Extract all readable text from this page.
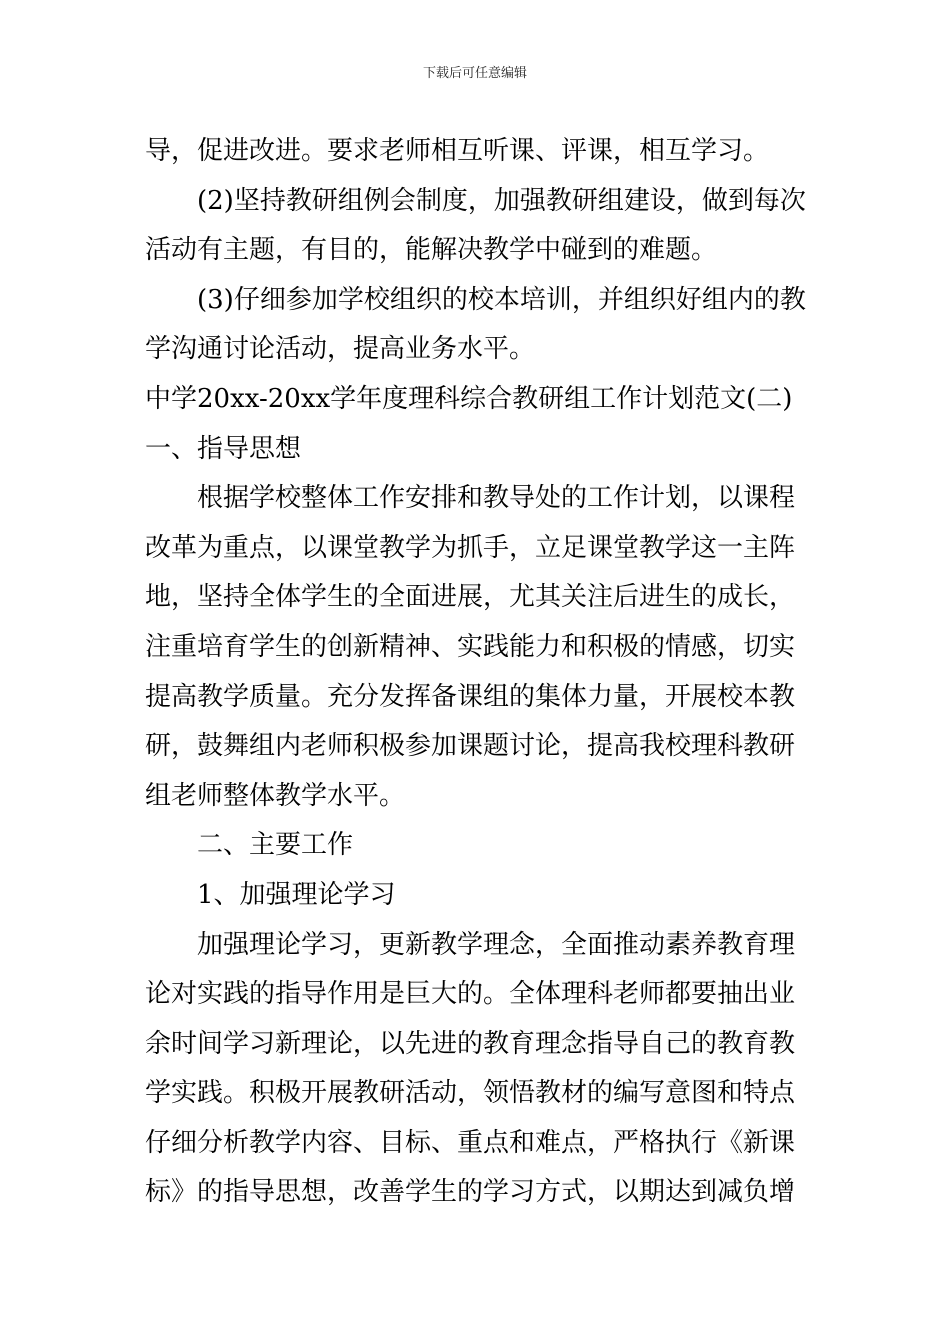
下载后可任意编辑
导，促进改进。要求老师相互听课、评课，相互学习。
(2)坚持教研组例会制度，加强教研组建设，做到每次
活动有主题，有目的，能解决教学中碰到的难题。
(3)仔细参加学校组织的校本培训，并组织好组内的教
学沟通讨论活动，提高业务水平。
中学20xx-20xx学年度理科综合教研组工作计划范文(二)
一、指导思想
根据学校整体工作安排和教导处的工作计划，以课程
改革为重点，以课堂教学为抓手，立足课堂教学这一主阵
地，坚持全体学生的全面进展，尤其关注后进生的成长，
注重培育学生的创新精神、实践能力和积极的情感，切实
提高教学质量。充分发挥备课组的集体力量，开展校本教
研，鼓舞组内老师积极参加课题讨论，提高我校理科教研
组老师整体教学水平。
二、主要工作
1、加强理论学习
加强理论学习，更新教学理念，全面推动素养教育理
论对实践的指导作用是巨大的。全体理科老师都要抽出业
余时间学习新理论，以先进的教育理念指导自己的教育教
学实践。积极开展教研活动，领悟教材的编写意图和特点
仔细分析教学内容、目标、重点和难点，严格执行《新课
标》的指导思想，改善学生的学习方式，以期达到减负增
